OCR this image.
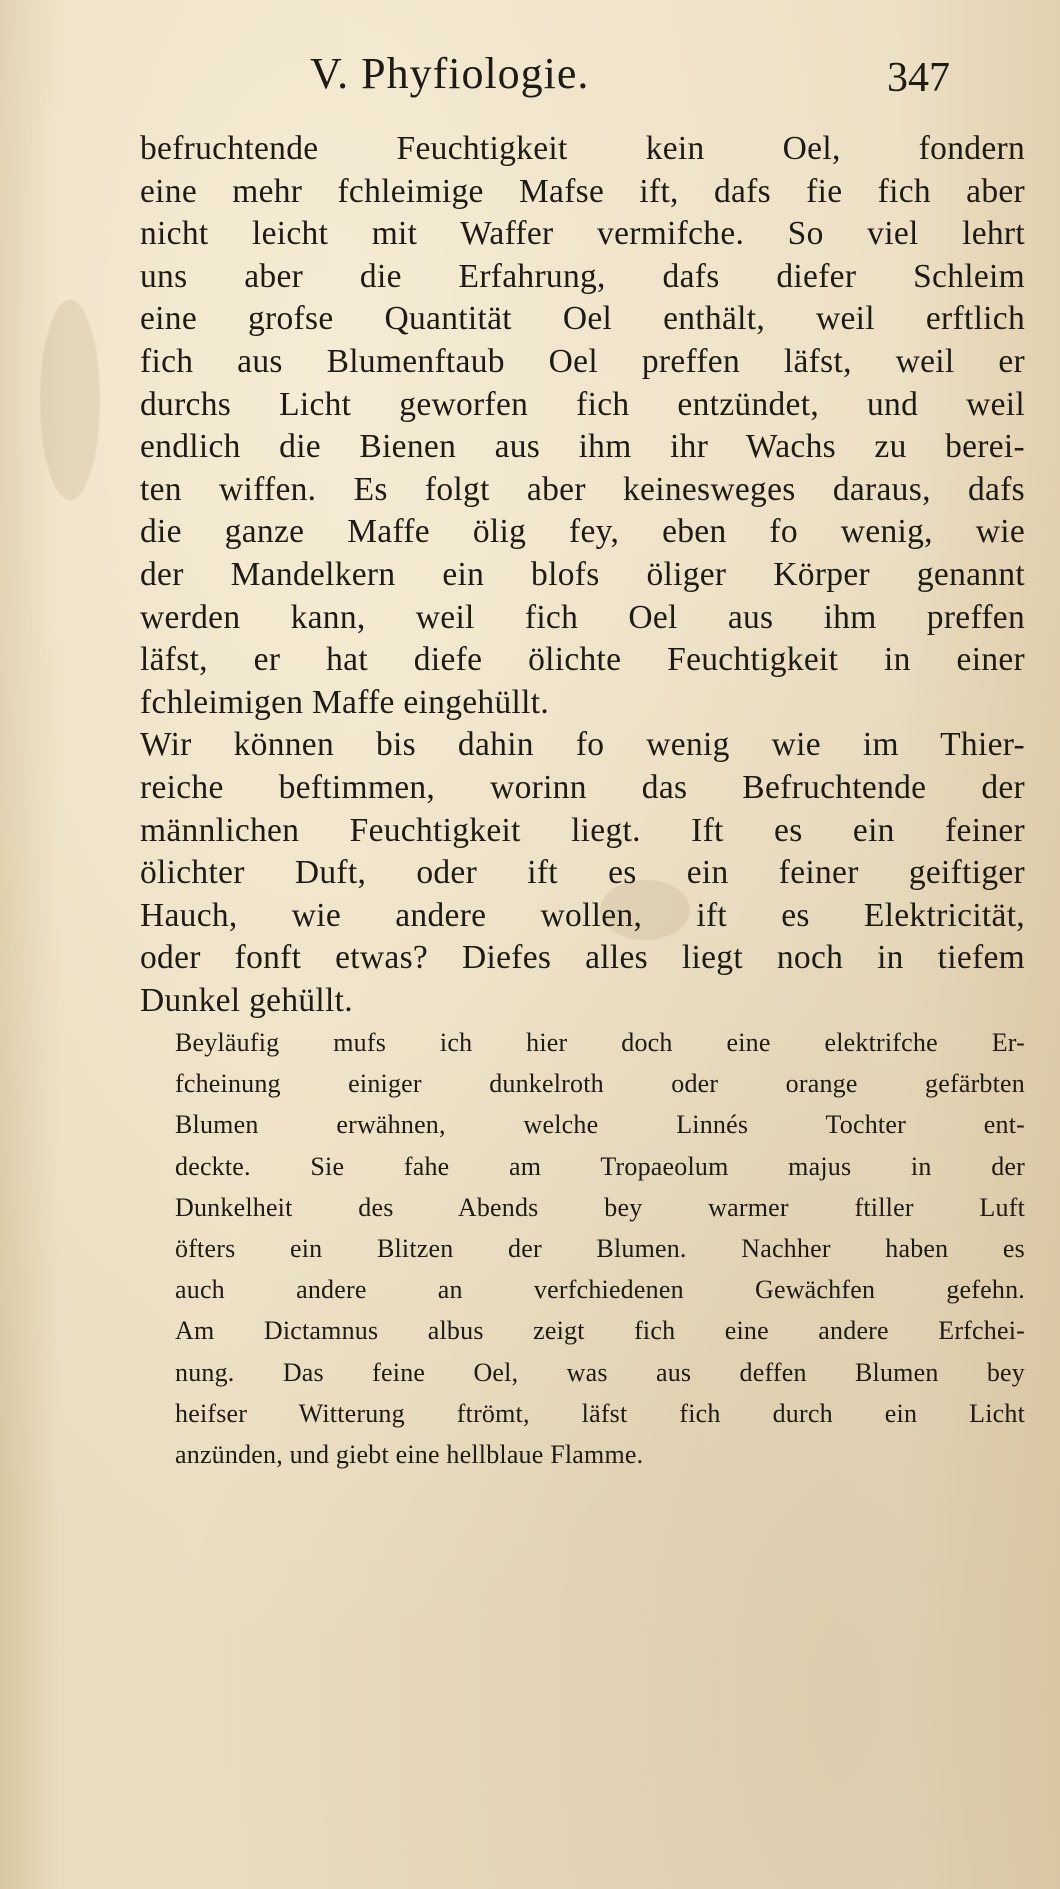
V. Phyfiologie.	347
befruchtende Feuchtigkeit kein Oel, fondern
eine mehr fchleimige Mafse ift, dafs fie fich aber
nicht leicht mit Waffer vermifche. So viel lehrt
uns aber die Erfahrung, dafs diefer Schleim
eine grofse Quantität Oel enthält, weil erftlich
fich aus Blumenftaub Oel preffen läfst, weil er
durchs Licht geworfen fich entzündet, und weil
endlich die Bienen aus ihm ihr Wachs zu berei-
ten wiffen. Es folgt aber keinesweges daraus, dafs
die ganze Maffe ölig fey, eben fo wenig, wie
der Mandelkern ein blofs öliger Körper genannt
werden kann, weil fich Oel aus ihm preffen
läfst, er hat diefe ölichte Feuchtigkeit in einer
fchleimigen Maffe eingehüllt.
Wir können bis dahin fo wenig wie im Thier-
reiche beftimmen, worinn das Befruchtende der
männlichen Feuchtigkeit liegt. Ift es ein feiner
ölichter Duft, oder ift es ein feiner geiftiger
Hauch, wie andere wollen, ift es Elektricität,
oder fonft etwas? Diefes alles liegt noch in tiefem
Dunkel gehüllt.
Beyläufig mufs ich hier doch eine elektrifche Er-
fcheinung einiger dunkelroth oder orange gefärbten
Blumen erwähnen, welche Linnés Tochter ent-
deckte. Sie fahe am Tropaeolum majus in der
Dunkelheit des Abends bey warmer ftiller Luft
öfters ein Blitzen der Blumen. Nachher haben es
auch andere an verfchiedenen Gewächfen gefehn.
Am Dictamnus albus zeigt fich eine andere Erfchei-
nung. Das feine Oel, was aus deffen Blumen bey
heifser Witterung ftrömt, läfst fich durch ein Licht
anzünden, und giebt eine hellblaue Flamme.
